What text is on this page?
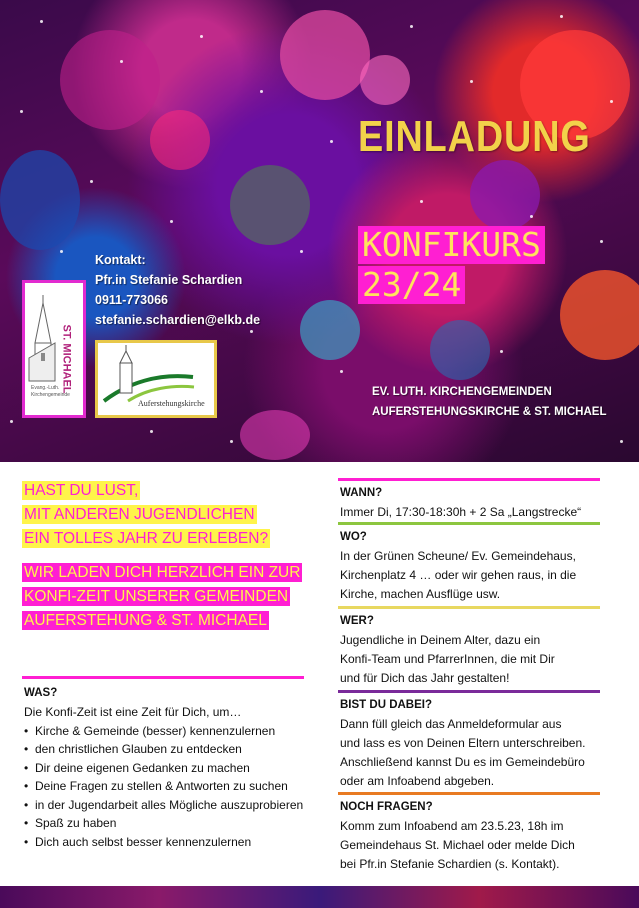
EINLADUNG
KONFIKURS
23/24
Kontakt:
Pfr.in Stefanie Schardien
0911-773066
stefanie.schardien@elkb.de
ST. MICHAEL
Evang.-Luth.
Kirchengemeinde
Auferstehungskirche
EV. LUTH. KIRCHENGEMEINDEN
AUFERSTEHUNGSKIRCHE & ST. MICHAEL
HAST DU LUST,
MIT ANDEREN JUGENDLICHEN
EIN TOLLES JAHR ZU ERLEBEN?
WIR LADEN DICH HERZLICH EIN ZUR
KONFI-ZEIT UNSERER GEMEINDEN
AUFERSTEHUNG & ST. MICHAEL
WAS?
Die Konfi-Zeit ist eine Zeit für Dich, um…
• Kirche & Gemeinde (besser) kennenzulernen
• den christlichen Glauben zu entdecken
• Dir deine eigenen Gedanken zu machen
• Deine Fragen zu stellen & Antworten zu suchen
• in der Jugendarbeit alles Mögliche auszuprobieren
• Spaß zu haben
• Dich auch selbst besser kennenzulernen
WANN?
Immer Di, 17:30-18:30h + 2 Sa „Langstrecke“
WO?
In der Grünen Scheune/ Ev. Gemeindehaus,
Kirchenplatz 4 … oder wir gehen raus, in die
Kirche, machen Ausflüge usw.
WER?
Jugendliche in Deinem Alter, dazu ein
Konfi-Team und PfarrerInnen, die mit Dir
und für Dich das Jahr gestalten!
BIST DU DABEI?
Dann füll gleich das Anmeldeformular aus
und lass es von Deinen Eltern unterschreiben.
Anschließend kannst Du es im Gemeindebüro
oder am Infoabend abgeben.
NOCH FRAGEN?
Komm zum Infoabend am 23.5.23, 18h im
Gemeindehaus St. Michael oder melde Dich
bei Pfr.in Stefanie Schardien (s. Kontakt).
